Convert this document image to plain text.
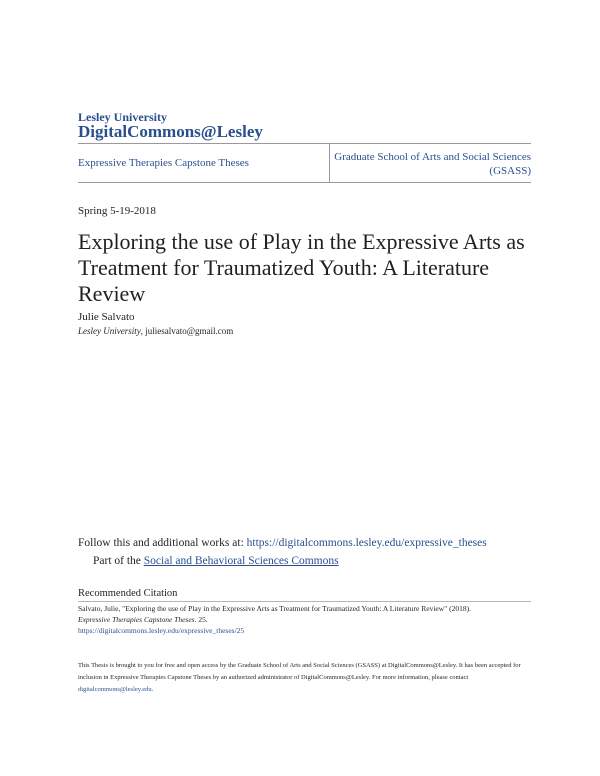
Lesley University
DigitalCommons@Lesley
Expressive Therapies Capstone Theses	Graduate School of Arts and Social Sciences (GSASS)
Spring 5-19-2018
Exploring the use of Play in the Expressive Arts as Treatment for Traumatized Youth: A Literature Review
Julie Salvato
Lesley University, juliesalvato@gmail.com
Follow this and additional works at: https://digitalcommons.lesley.edu/expressive_theses
Part of the Social and Behavioral Sciences Commons
Recommended Citation
Salvato, Julie, "Exploring the use of Play in the Expressive Arts as Treatment for Traumatized Youth: A Literature Review" (2018).
Expressive Therapies Capstone Theses. 25.
https://digitalcommons.lesley.edu/expressive_theses/25
This Thesis is brought to you for free and open access by the Graduate School of Arts and Social Sciences (GSASS) at DigitalCommons@Lesley. It has been accepted for inclusion in Expressive Therapies Capstone Theses by an authorized administrator of DigitalCommons@Lesley. For more information, please contact digitalcommons@lesley.edu.
